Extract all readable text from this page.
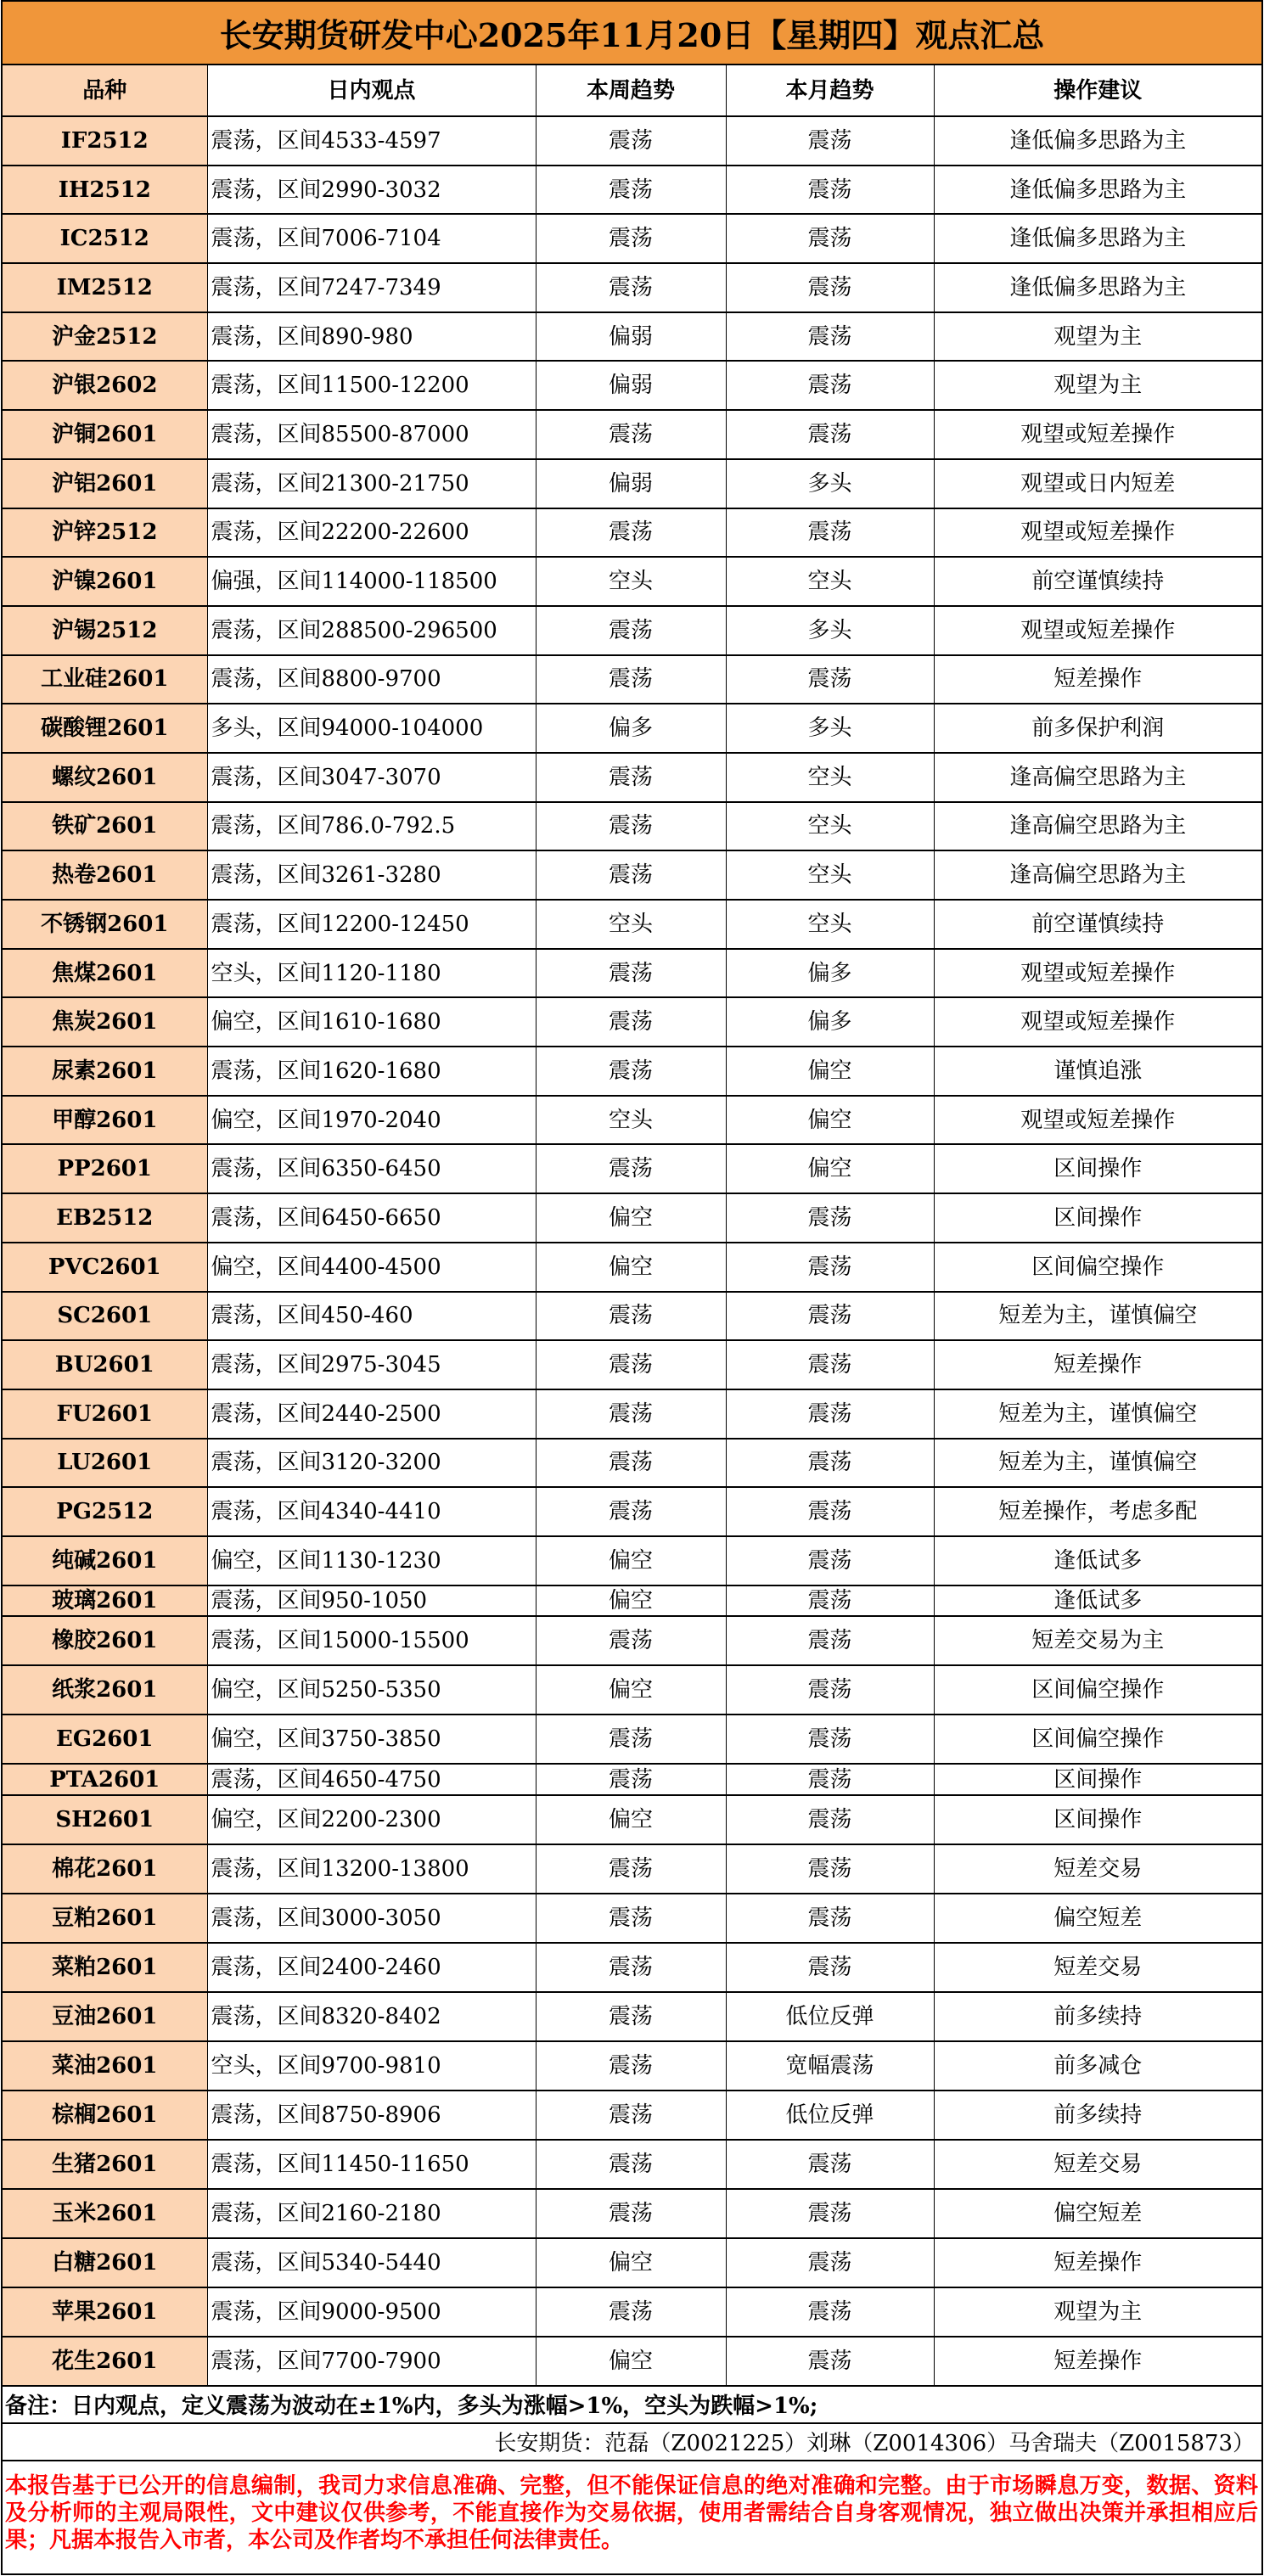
长安期货研发中心2025年11月20日【星期四】观点汇总
品种	日内观点	本周趋势	本月趋势	操作建议
IF2512	震荡，区间4533-4597	震荡	震荡	逢低偏多思路为主
IH2512	震荡，区间2990-3032	震荡	震荡	逢低偏多思路为主
IC2512	震荡，区间7006-7104	震荡	震荡	逢低偏多思路为主
IM2512	震荡，区间7247-7349	震荡	震荡	逢低偏多思路为主
沪金2512	震荡，区间890-980	偏弱	震荡	观望为主
沪银2602	震荡，区间11500-12200	偏弱	震荡	观望为主
沪铜2601	震荡，区间85500-87000	震荡	震荡	观望或短差操作
沪铝2601	震荡，区间21300-21750	偏弱	多头	观望或日内短差
沪锌2512	震荡，区间22200-22600	震荡	震荡	观望或短差操作
沪镍2601	偏强，区间114000-118500	空头	空头	前空谨慎续持
沪锡2512	震荡，区间288500-296500	震荡	多头	观望或短差操作
工业硅2601	震荡，区间8800-9700	震荡	震荡	短差操作
碳酸锂2601	多头，区间94000-104000	偏多	多头	前多保护利润
螺纹2601	震荡，区间3047-3070	震荡	空头	逢高偏空思路为主
铁矿2601	震荡，区间786.0-792.5	震荡	空头	逢高偏空思路为主
热卷2601	震荡，区间3261-3280	震荡	空头	逢高偏空思路为主
不锈钢2601	震荡，区间12200-12450	空头	空头	前空谨慎续持
焦煤2601	空头，区间1120-1180	震荡	偏多	观望或短差操作
焦炭2601	偏空，区间1610-1680	震荡	偏多	观望或短差操作
尿素2601	震荡，区间1620-1680	震荡	偏空	谨慎追涨
甲醇2601	偏空，区间1970-2040	空头	偏空	观望或短差操作
PP2601	震荡，区间6350-6450	震荡	偏空	区间操作
EB2512	震荡，区间6450-6650	偏空	震荡	区间操作
PVC2601	偏空，区间4400-4500	偏空	震荡	区间偏空操作
SC2601	震荡，区间450-460	震荡	震荡	短差为主，谨慎偏空
BU2601	震荡，区间2975-3045	震荡	震荡	短差操作
FU2601	震荡，区间2440-2500	震荡	震荡	短差为主，谨慎偏空
LU2601	震荡，区间3120-3200	震荡	震荡	短差为主，谨慎偏空
PG2512	震荡，区间4340-4410	震荡	震荡	短差操作，考虑多配
纯碱2601	偏空，区间1130-1230	偏空	震荡	逢低试多
玻璃2601	震荡，区间950-1050	偏空	震荡	逢低试多
橡胶2601	震荡，区间15000-15500	震荡	震荡	短差交易为主
纸浆2601	偏空，区间5250-5350	偏空	震荡	区间偏空操作
EG2601	偏空，区间3750-3850	震荡	震荡	区间偏空操作
PTA2601	震荡，区间4650-4750	震荡	震荡	区间操作
SH2601	偏空，区间2200-2300	偏空	震荡	区间操作
棉花2601	震荡，区间13200-13800	震荡	震荡	短差交易
豆粕2601	震荡，区间3000-3050	震荡	震荡	偏空短差
菜粕2601	震荡，区间2400-2460	震荡	震荡	短差交易
豆油2601	震荡，区间8320-8402	震荡	低位反弹	前多续持
菜油2601	空头，区间9700-9810	震荡	宽幅震荡	前多减仓
棕榈2601	震荡，区间8750-8906	震荡	低位反弹	前多续持
生猪2601	震荡，区间11450-11650	震荡	震荡	短差交易
玉米2601	震荡，区间2160-2180	震荡	震荡	偏空短差
白糖2601	震荡，区间5340-5440	偏空	震荡	短差操作
苹果2601	震荡，区间9000-9500	震荡	震荡	观望为主
花生2601	震荡，区间7700-7900	偏空	震荡	短差操作
备注：日内观点，定义震荡为波动在±1%内，多头为涨幅>1%，空头为跌幅>1%;
长安期货：范磊（Z0021225）刘琳（Z0014306）马舍瑞夫（Z0015873）
本报告基于已公开的信息编制，我司力求信息准确、完整，但不能保证信息的绝对准确和完整。由于市场瞬息万变，数据、资料及分析师的主观局限性，文中建议仅供参考，不能直接作为交易依据，使用者需结合自身客观情况，独立做出决策并承担相应后果；凡据本报告入市者，本公司及作者均不承担任何法律责任。
